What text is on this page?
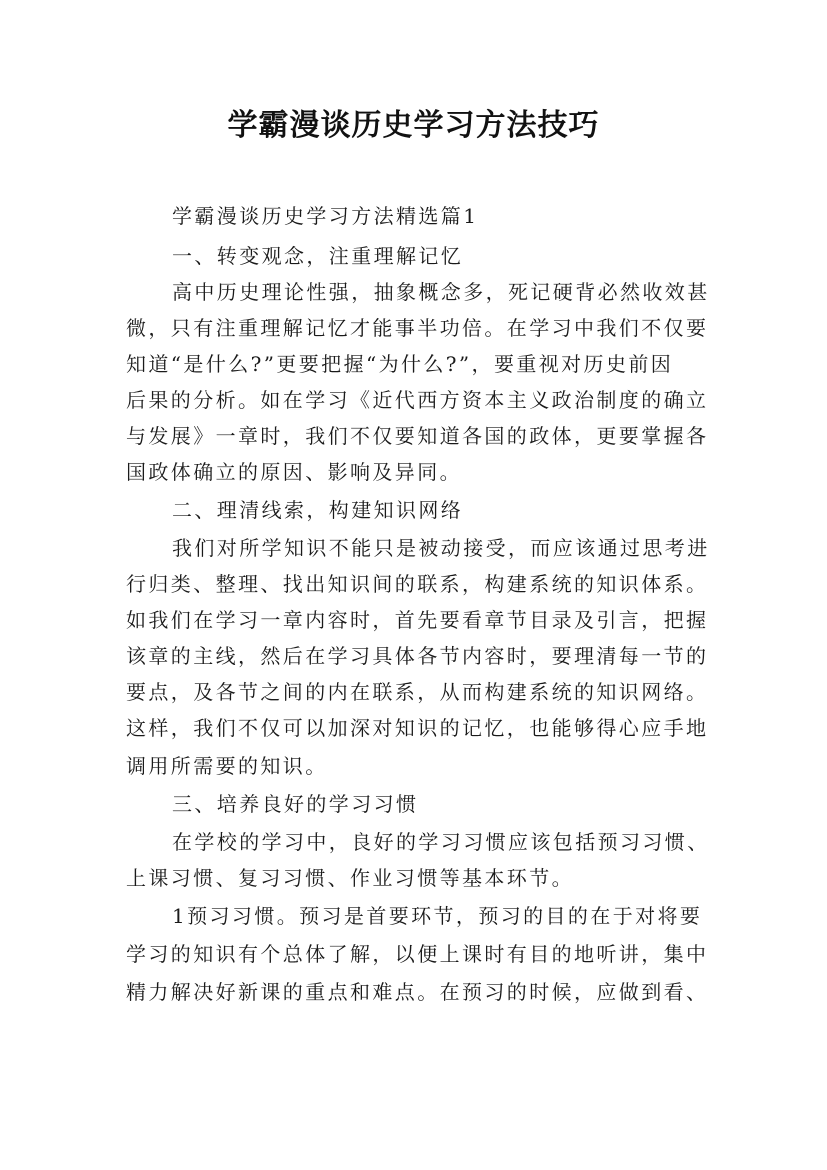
学霸漫谈历史学习方法技巧
学霸漫谈历史学习方法精选篇1
一、转变观念，注重理解记忆
高中历史理论性强，抽象概念多，死记硬背必然收效甚
微，只有注重理解记忆才能事半功倍。在学习中我们不仅要
知道“是什么?”更要把握“为什么?”，要重视对历史前因
后果的分析。如在学习《近代西方资本主义政治制度的确立
与发展》一章时，我们不仅要知道各国的政体，更要掌握各
国政体确立的原因、影响及异同。
二、理清线索，构建知识网络
我们对所学知识不能只是被动接受，而应该通过思考进
行归类、整理、找出知识间的联系，构建系统的知识体系。
如我们在学习一章内容时，首先要看章节目录及引言，把握
该章的主线，然后在学习具体各节内容时，要理清每一节的
要点，及各节之间的内在联系，从而构建系统的知识网络。
这样，我们不仅可以加深对知识的记忆，也能够得心应手地
调用所需要的知识。
三、培养良好的学习习惯
在学校的学习中，良好的学习习惯应该包括预习习惯、
上课习惯、复习习惯、作业习惯等基本环节。
1预习习惯。预习是首要环节，预习的目的在于对将要
学习的知识有个总体了解，以便上课时有目的地听讲，集中
精力解决好新课的重点和难点。在预习的时候，应做到看、
